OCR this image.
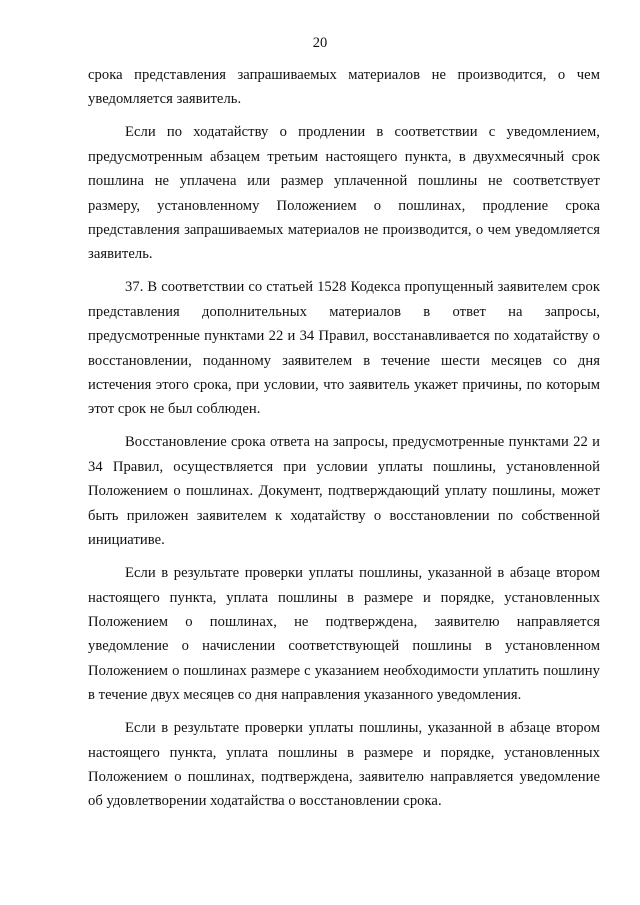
20

срока представления запрашиваемых материалов не производится, о чем уведомляется заявитель.

Если по ходатайству о продлении в соответствии с уведомлением, предусмотренным абзацем третьим настоящего пункта, в двухмесячный срок пошлина не уплачена или размер уплаченной пошлины не соответствует размеру, установленному Положением о пошлинах, продление срока представления запрашиваемых материалов не производится, о чем уведомляется заявитель.

37. В соответствии со статьей 1528 Кодекса пропущенный заявителем срок представления дополнительных материалов в ответ на запросы, предусмотренные пунктами 22 и 34 Правил, восстанавливается по ходатайству о восстановлении, поданному заявителем в течение шести месяцев со дня истечения этого срока, при условии, что заявитель укажет причины, по которым этот срок не был соблюден.

Восстановление срока ответа на запросы, предусмотренные пунктами 22 и 34 Правил, осуществляется при условии уплаты пошлины, установленной Положением о пошлинах. Документ, подтверждающий уплату пошлины, может быть приложен заявителем к ходатайству о восстановлении по собственной инициативе.

Если в результате проверки уплаты пошлины, указанной в абзаце втором настоящего пункта, уплата пошлины в размере и порядке, установленных Положением о пошлинах, не подтверждена, заявителю направляется уведомление о начислении соответствующей пошлины в установленном Положением о пошлинах размере с указанием необходимости уплатить пошлину в течение двух месяцев со дня направления указанного уведомления.

Если в результате проверки уплаты пошлины, указанной в абзаце втором настоящего пункта, уплата пошлины в размере и порядке, установленных Положением о пошлинах, подтверждена, заявителю направляется уведомление об удовлетворении ходатайства о восстановлении срока.
